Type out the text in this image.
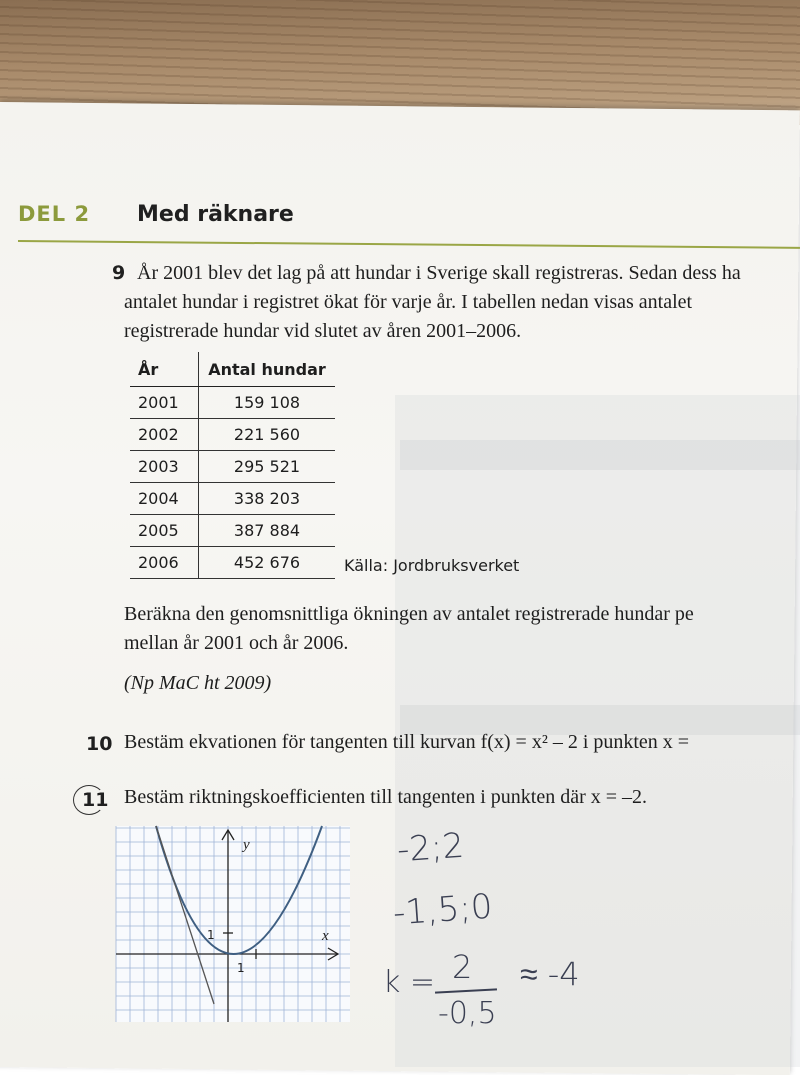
DEL 2 Med räknare
9 År 2001 blev det lag på att hundar i Sverige skall registreras. Sedan dess ha
antalet hundar i registret ökat för varje år. I tabellen nedan visas antalet
registrerade hundar vid slutet av åren 2001–2006.
År	Antal hundar
2001	159 108
2002	221 560
2003	295 521
2004	338 203
2005	387 884
2006	452 676	Källa: Jordbruksverket
Beräkna den genomsnittliga ökningen av antalet registrerade hundar pe
mellan år 2001 och år 2006.
(Np MaC ht 2009)
10 Bestäm ekvationen för tangenten till kurvan f(x) = x² – 2 i punkten x =
11 Bestäm riktningskoefficienten till tangenten i punkten där x = –2.
y
x
1
1
-2;2
-1,5;0
k = 2
-0,5
≈ -4
